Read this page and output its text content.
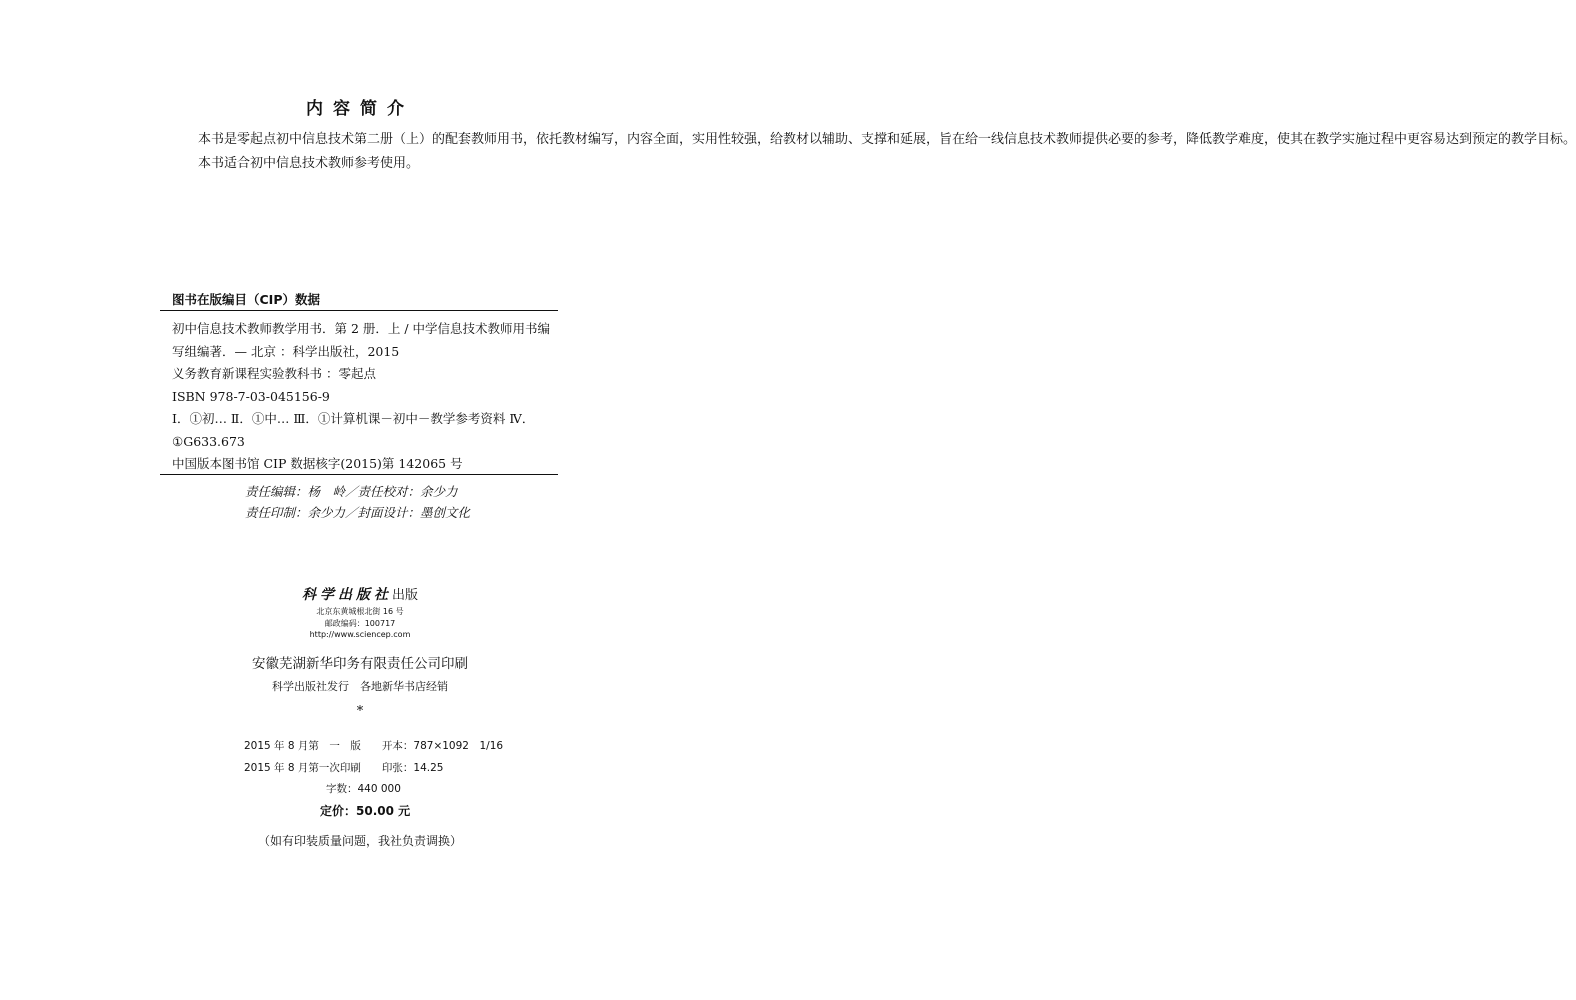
内容简介

本书是零起点初中信息技术第二册（上）的配套教师用书，依托教材编写，内容全面，实用性较强，给教材以辅助、支撑和延展，旨在给一线信息技术教师提供必要的参考，降低教学难度，使其在教学实施过程中更容易达到预定的教学目标。

本书适合初中信息技术教师参考使用。

图书在版编目（CIP）数据
初中信息技术教师教学用书．第 2 册．上 / 中学信息技术教师用书编
写组编著．— 北京 ：科学出版社，2015
义务教育新课程实验教科书 ：零起点
ISBN 978-7-03-045156-9
Ⅰ．①初… Ⅱ．①中… Ⅲ．①计算机课－初中－教学参考资料 Ⅳ．
①G633.673
中国版本图书馆 CIP 数据核字(2015)第 142065 号
责任编辑：杨　岭／责任校对：余少力
责任印制：余少力／封面设计：墨创文化
科学出版社出版
北京东黄城根北街 16 号
邮政编码：100717
http://www.sciencep.com
安徽芜湖新华印务有限责任公司印刷
科学出版社发行　各地新华书店经销
*
2015 年 8 月第　一　版　　开本：787×1092　1/16
2015 年 8 月第一次印刷　　印张：14.25
字数：440 000
定价：50.00 元
（如有印装质量问题，我社负责调换）
